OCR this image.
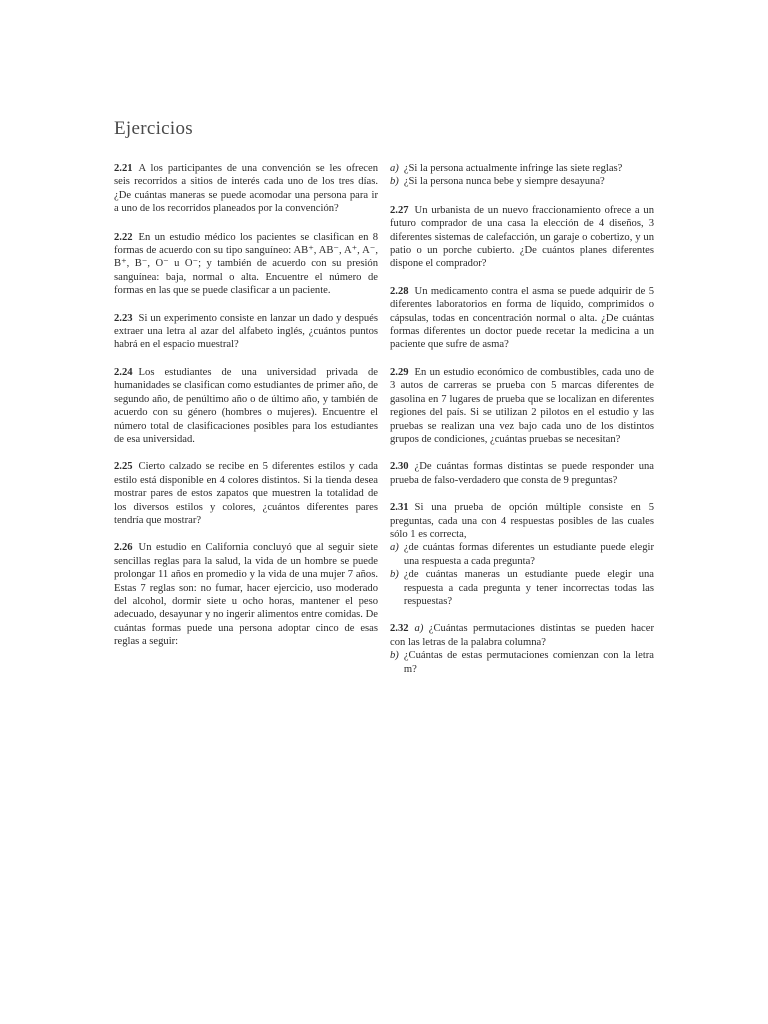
Ejercicios

2.21 A los participantes de una convención se les ofrecen seis recorridos a sitios de interés cada uno de los tres días. ¿De cuántas maneras se puede acomodar una persona para ir a uno de los recorridos planeados por la convención?

2.22 En un estudio médico los pacientes se clasifican en 8 formas de acuerdo con su tipo sanguíneo: AB⁺, AB⁻, A⁺, A⁻, B⁺, B⁻, O⁻ u O⁻; y también de acuerdo con su presión sanguínea: baja, normal o alta. Encuentre el número de formas en las que se puede clasificar a un paciente.

2.23 Si un experimento consiste en lanzar un dado y después extraer una letra al azar del alfabeto inglés, ¿cuántos puntos habrá en el espacio muestral?

2.24 Los estudiantes de una universidad privada de humanidades se clasifican como estudiantes de primer año, de segundo año, de penúltimo año o de último año, y también de acuerdo con su género (hombres o mujeres). Encuentre el número total de clasificaciones posibles para los estudiantes de esa universidad.

2.25 Cierto calzado se recibe en 5 diferentes estilos y cada estilo está disponible en 4 colores distintos. Si la tienda desea mostrar pares de estos zapatos que muestren la totalidad de los diversos estilos y colores, ¿cuántos diferentes pares tendría que mostrar?

2.26 Un estudio en California concluyó que al seguir siete sencillas reglas para la salud, la vida de un hombre se puede prolongar 11 años en promedio y la vida de una mujer 7 años. Estas 7 reglas son: no fumar, hacer ejercicio, uso moderado del alcohol, dormir siete u ocho horas, mantener el peso adecuado, desayunar y no ingerir alimentos entre comidas. De cuántas formas puede una persona adoptar cinco de esas reglas a seguir:

a) ¿Si la persona actualmente infringe las siete reglas?
b) ¿Si la persona nunca bebe y siempre desayuna?

2.27 Un urbanista de un nuevo fraccionamiento ofrece a un futuro comprador de una casa la elección de 4 diseños, 3 diferentes sistemas de calefacción, un garaje o cobertizo, y un patio o un porche cubierto. ¿De cuántos planes diferentes dispone el comprador?

2.28 Un medicamento contra el asma se puede adquirir de 5 diferentes laboratorios en forma de líquido, comprimidos o cápsulas, todas en concentración normal o alta. ¿De cuántas formas diferentes un doctor puede recetar la medicina a un paciente que sufre de asma?

2.29 En un estudio económico de combustibles, cada uno de 3 autos de carreras se prueba con 5 marcas diferentes de gasolina en 7 lugares de prueba que se localizan en diferentes regiones del país. Si se utilizan 2 pilotos en el estudio y las pruebas se realizan una vez bajo cada uno de los distintos grupos de condiciones, ¿cuántas pruebas se necesitan?

2.30 ¿De cuántas formas distintas se puede responder una prueba de falso-verdadero que consta de 9 preguntas?

2.31 Si una prueba de opción múltiple consiste en 5 preguntas, cada una con 4 respuestas posibles de las cuales sólo 1 es correcta,

a) ¿de cuántas formas diferentes un estudiante puede elegir una respuesta a cada pregunta?
b) ¿de cuántas maneras un estudiante puede elegir una respuesta a cada pregunta y tener incorrectas todas las respuestas?

2.32 a) ¿Cuántas permutaciones distintas se pueden hacer con las letras de la palabra columna?

b) ¿Cuántas de estas permutaciones comienzan con la letra m?
